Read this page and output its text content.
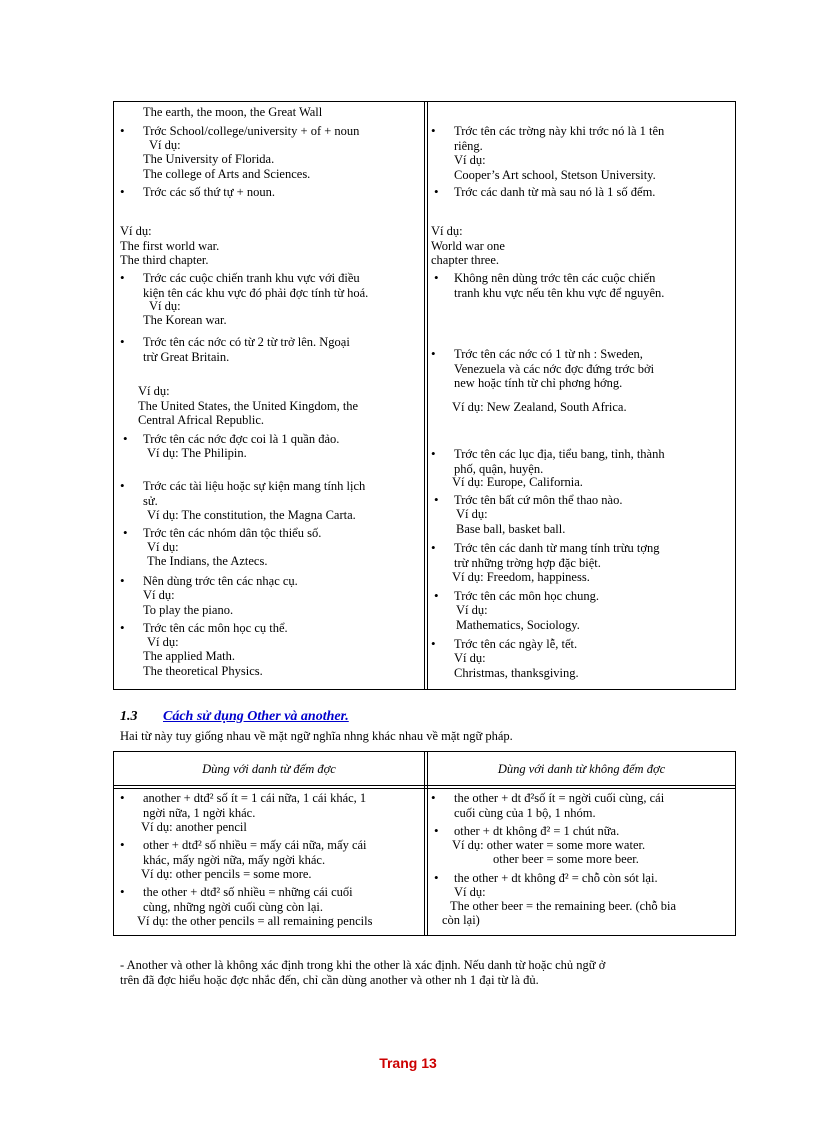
The earth, the moon, the Great Wall

• Trớc School/college/university + of + noun

Ví dụ:

The University of Florida.

The college of Arts and Sciences.

• Trớc các số thứ tự + noun.

Ví dụ:

The first world war.

The third chapter.

• Trớc các cuộc chiến tranh khu vực với điều

kiện tên các khu vực đó phải đợc tính từ hoá.

Ví dụ:

The Korean war.

• Trớc tên các nớc có từ 2 từ trở lên. Ngoại

trừ Great Britain.

Ví dụ:

The United States, the United Kingdom, the

Central Africal Republic.

• Trớc tên các nớc đợc coi là 1 quần đảo.

Ví dụ: The Philipin.

• Trớc các tài liệu hoặc sự kiện mang tính lịch

sử.

Ví dụ: The constitution, the Magna Carta.

• Trớc tên các nhóm dân tộc thiểu số.

Ví dụ:

The Indians, the Aztecs.

• Nên dùng trớc tên các nhạc cụ.

Ví dụ:

To play the piano.

• Trớc tên các môn học cụ thể.

Ví dụ:

The applied Math.

The theoretical Physics.

• Trớc tên các trờng này khi trớc nó là 1 tên

riêng.

Ví dụ:

Cooper’s Art school, Stetson University.

• Trớc các danh từ mà sau nó là 1 số đếm.

Ví dụ:

World war one

chapter three.

• Không nên dùng trớc tên các cuộc chiến

tranh khu vực nếu tên khu vực để nguyên.

• Trớc tên các nớc có 1 từ nh : Sweden,

Venezuela và các nớc đợc đứng trớc bởi

new hoặc tính từ chỉ phơng hớng.

Ví dụ: New Zealand, South Africa.

• Trớc tên các lục địa, tiểu bang, tỉnh, thành

phố, quận, huyện.

Ví dụ: Europe, California.

• Trớc tên bất cứ môn thể thao nào.

Ví dụ:

Base ball, basket ball.

• Trớc tên các danh từ mang tính trừu tợng

trừ những trờng hợp đặc biệt.

Ví dụ: Freedom, happiness.

• Trớc tên các môn học chung.

Ví dụ:

Mathematics, Sociology.

• Trớc tên các ngày lễ, tết.

Ví dụ:

Christmas, thanksgiving.

1.3 Cách sử dụng Other và another.
Hai từ này tuy giống nhau về mặt ngữ nghĩa nhng khác nhau về mặt ngữ pháp.
Dùng với danh từ đếm đợc	Dùng với danh từ không đếm đợc
• another + dtđ² số ít = 1 cái nữa, 1 cái khác, 1

ngời nữa, 1 ngời khác.

Ví dụ: another pencil

• other + dtđ² số nhiều = mấy cái nữa, mấy cái

khác, mấy ngời nữa, mấy ngời khác.

Ví dụ: other pencils = some more.

• the other + dtđ² số nhiều = những cái cuối

cùng, những ngời cuối cùng còn lại.

Ví dụ: the other pencils = all remaining pencils

• the other + dt đ²số ít = ngời cuối cùng, cái

cuối cùng của 1 bộ, 1 nhóm.

• other + dt không đ² = 1 chút nữa.

Ví dụ: other water = some more water.

other beer = some more beer.

• the other + dt không đ² = chỗ còn sót lại.

Ví dụ:

The other beer = the remaining beer. (chỗ bia

còn lại)

- Another và other là không xác định trong khi the other là xác định. Nếu danh từ hoặc chủ ngữ ở

trên đã đợc hiểu hoặc đợc nhắc đến, chỉ cần dùng another và other nh 1 đại từ là đủ.

Trang 13
